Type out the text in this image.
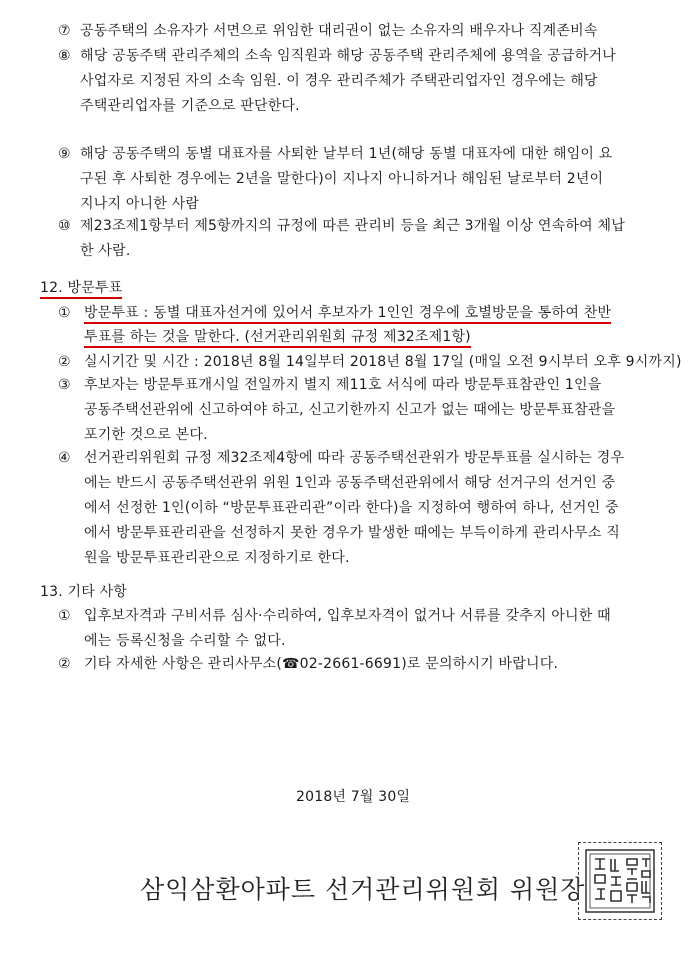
⑦ 공동주택의 소유자가 서면으로 위임한 대리권이 없는 소유자의 배우자나 직계존비속
⑧ 해당 공동주택 관리주체의 소속 임직원과 해당 공동주택 관리주체에 용역을 공급하거나
사업자로 지정된 자의 소속 임원. 이 경우 관리주체가 주택관리업자인 경우에는 해당
주택관리업자를 기준으로 판단한다.
⑨ 해당 공동주택의 동별 대표자를 사퇴한 날부터 1년(해당 동별 대표자에 대한 해임이 요
구된 후 사퇴한 경우에는 2년을 말한다)이 지나지 아니하거나 해임된 날로부터 2년이
지나지 아니한 사람
⑩ 제23조제1항부터 제5항까지의 규정에 따른 관리비 등을 최근 3개월 이상 연속하여 체납
한 사람.
12. 방문투표
① 방문투표 : 동별 대표자선거에 있어서 후보자가 1인인 경우에 호별방문을 통하여 찬반
투표를 하는 것을 말한다. (선거관리위원회 규정 제32조제1항)
② 실시기간 및 시간 : 2018년 8월 14일부터 2018년 8월 17일 (매일 오전 9시부터 오후 9시까지)
③ 후보자는 방문투표개시일 전일까지 별지 제11호 서식에 따라 방문투표참관인 1인을
공동주택선관위에 신고하여야 하고, 신고기한까지 신고가 없는 때에는 방문투표참관을
포기한 것으로 본다.
④ 선거관리위원회 규정 제32조제4항에 따라 공동주택선관위가 방문투표를 실시하는 경우
에는 반드시 공동주택선관위 위원 1인과 공동주택선관위에서 해당 선거구의 선거인 중
에서 선정한 1인(이하 “방문투표관리관”이라 한다)을 지정하여 행하여 하나, 선거인 중
에서 방문투표관리관을 선정하지 못한 경우가 발생한 때에는 부득이하게 관리사무소 직
원을 방문투표관리관으로 지정하기로 한다.
13. 기타 사항
① 입후보자격과 구비서류 심사·수리하여, 입후보자격이 없거나 서류를 갖추지 아니한 때
에는 등록신청을 수리할 수 없다.
② 기타 자세한 사항은 관리사무소(☎02-2661-6691)로 문의하시기 바랍니다.
2018년 7월 30일
삼익삼환아파트 선거관리위원회 위원장
